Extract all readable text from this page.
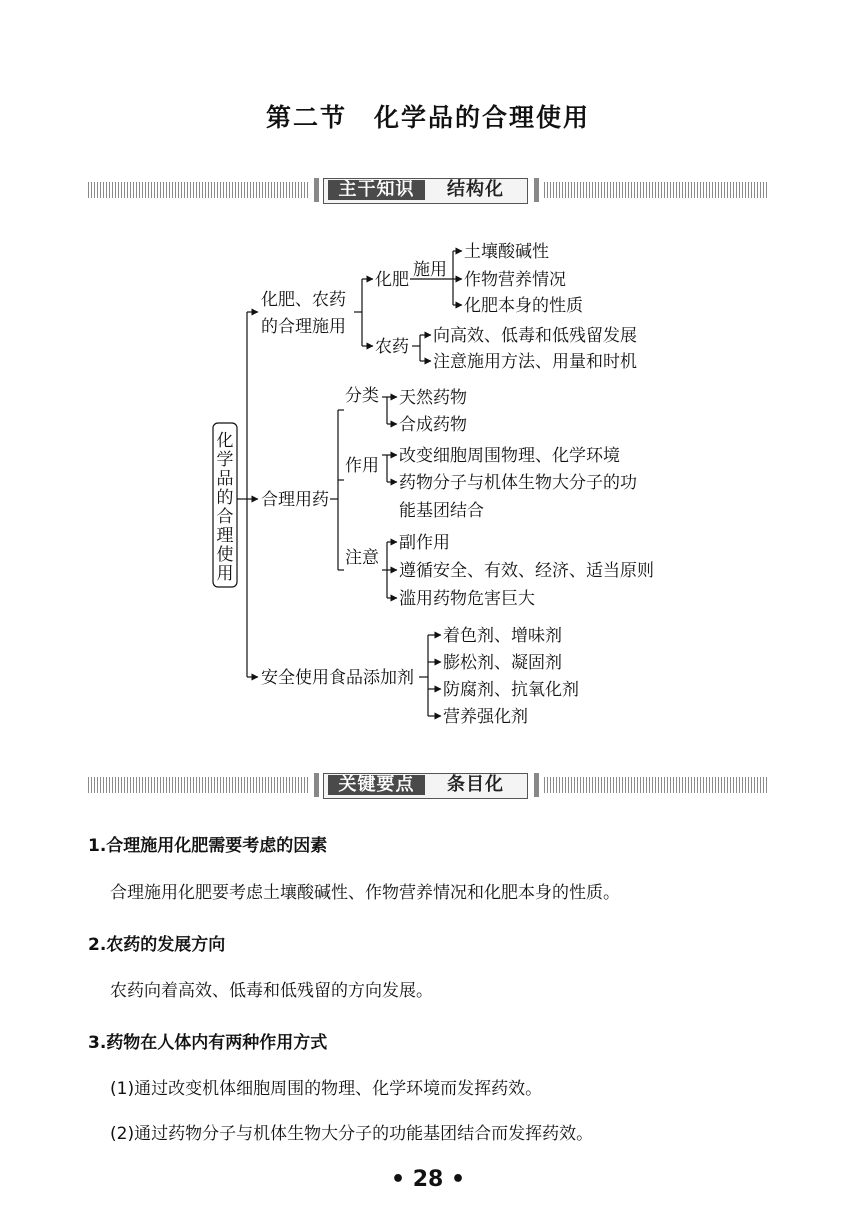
第二节　化学品的合理使用
主干知识	结构化
化
学
品
的
合
理
使
用
化肥、农药
的合理施用
化肥 施用
土壤酸碱性
作物营养情况
化肥本身的性质
农药
向高效、低毒和低残留发展
注意施用方法、用量和时机
合理用药
分类 天然药物
合成药物
作用 改变细胞周围物理、化学环境
药物分子与机体生物大分子的功
能基团结合
注意
副作用
遵循安全、有效、经济、适当原则
滥用药物危害巨大
安全使用食品添加剂
着色剂、增味剂
膨松剂、凝固剂
防腐剂、抗氧化剂
营养强化剂
关键要点	条目化
1.合理施用化肥需要考虑的因素
合理施用化肥要考虑土壤酸碱性、作物营养情况和化肥本身的性质。
2.农药的发展方向
农药向着高效、低毒和低残留的方向发展。
3.药物在人体内有两种作用方式
(1)通过改变机体细胞周围的物理、化学环境而发挥药效。
(2)通过药物分子与机体生物大分子的功能基团结合而发挥药效。
• 28 •
